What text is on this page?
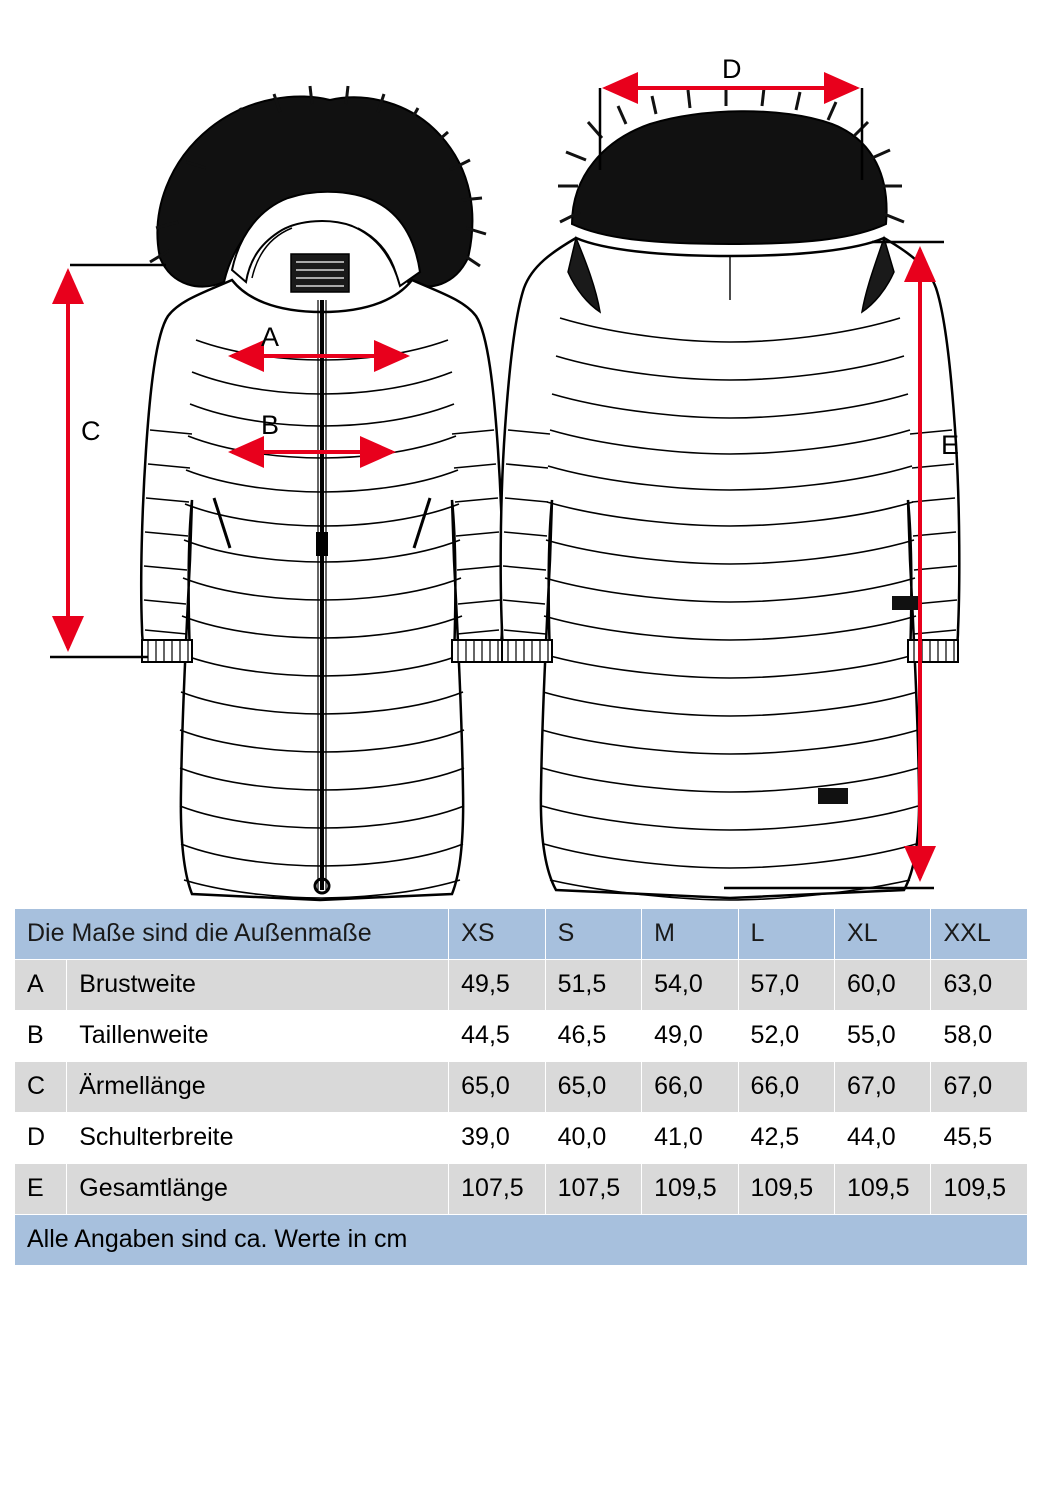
A
B
C
D
E
Die Maße sind die Außenmaße		XS	S	M	L	XL	XXL
A	Brustweite	49,5	51,5	54,0	57,0	60,0	63,0
B	Taillenweite	44,5	46,5	49,0	52,0	55,0	58,0
C	Ärmellänge	65,0	65,0	66,0	66,0	67,0	67,0
D	Schulterbreite	39,0	40,0	41,0	42,5	44,0	45,5
E	Gesamtlänge	107,5	107,5	109,5	109,5	109,5	109,5
Alle Angaben sind ca. Werte in cm							
